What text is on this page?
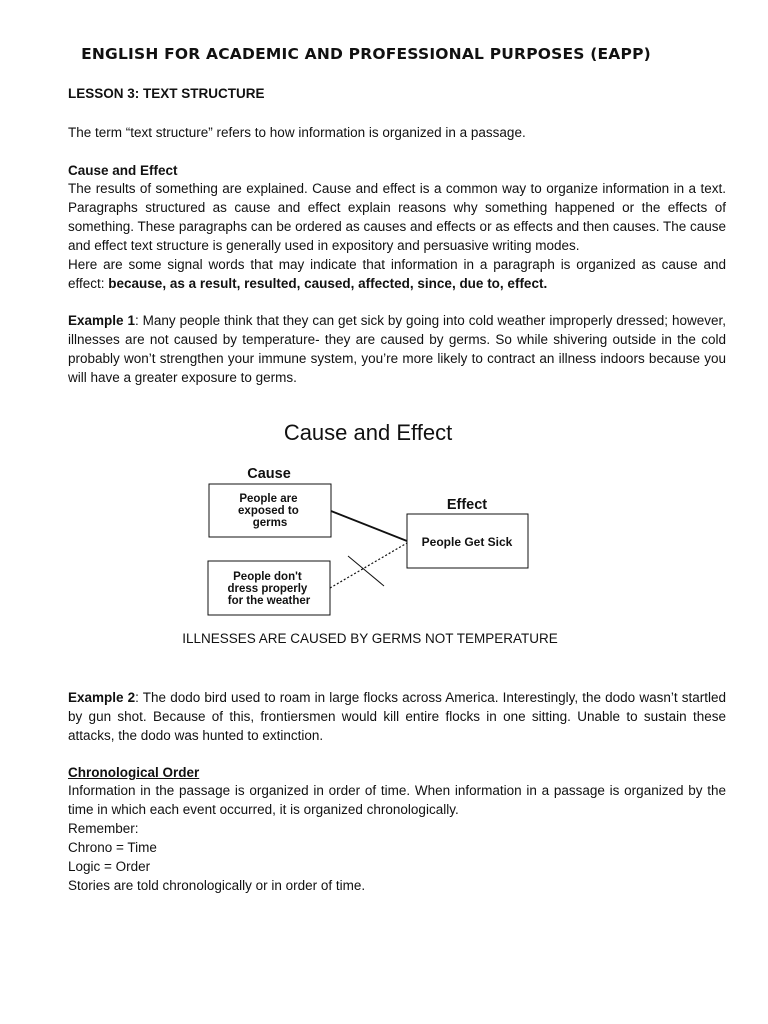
ENGLISH FOR ACADEMIC AND PROFESSIONAL PURPOSES (EAPP)
LESSON 3: TEXT STRUCTURE

The term “text structure” refers to how information is organized in a passage.

Cause and Effect

The results of something are explained. Cause and effect is a common way to organize information in a text. Paragraphs structured as cause and effect explain reasons why something happened or the effects of something. These paragraphs can be ordered as causes and effects or as effects and then causes. The cause and effect text structure is generally used in expository and persuasive writing modes.

Here are some signal words that may indicate that information in a paragraph is organized as cause and effect: because, as a result, resulted, caused, affected, since, due to, effect.

Example 1: Many people think that they can get sick by going into cold weather improperly dressed; however, illnesses are not caused by temperature- they are caused by germs. So while shivering outside in the cold probably won’t strengthen your immune system, you’re more likely to contract an illness indoors because you will have a greater exposure to germs.

Cause and Effect
Cause
Effect
People are exposed to germs
People don't dress properly for the weather
People Get Sick
ILLNESSES ARE CAUSED BY GERMS NOT TEMPERATURE

Example 2: The dodo bird used to roam in large flocks across America. Interestingly, the dodo wasn’t startled by gun shot. Because of this, frontiersmen would kill entire flocks in one sitting. Unable to sustain these attacks, the dodo was hunted to extinction.

Chronological Order

Information in the passage is organized in order of time. When information in a passage is organized by the time in which each event occurred, it is organized chronologically.

Remember:
Chrono = Time
Logic = Order
Stories are told chronologically or in order of time.
